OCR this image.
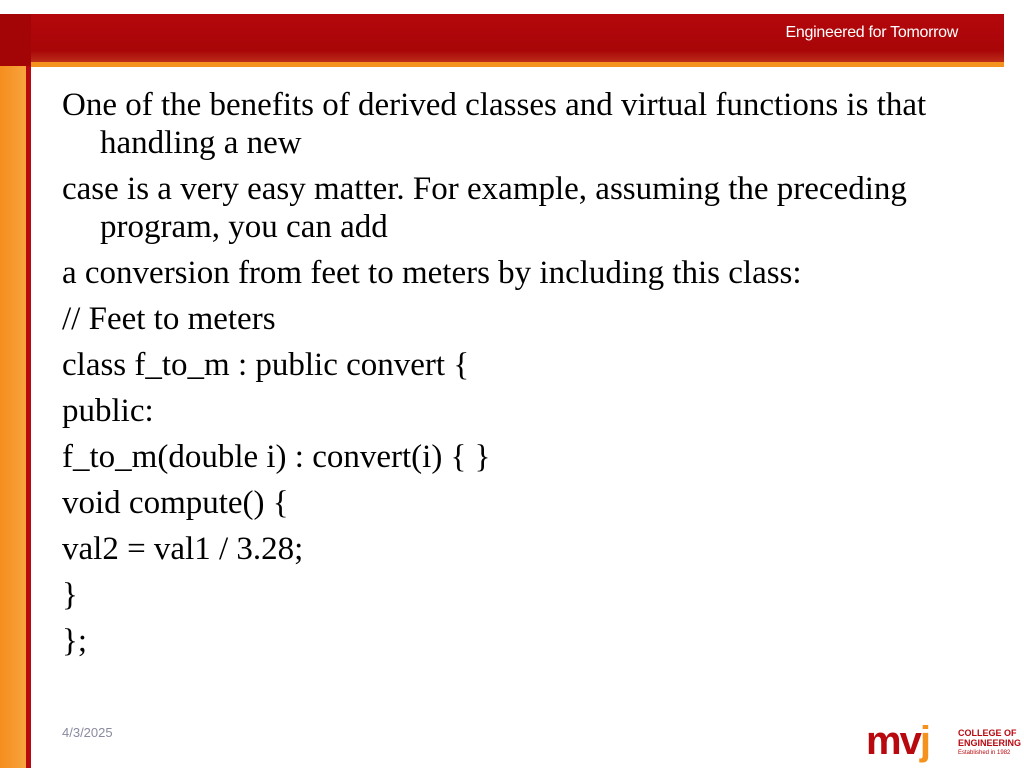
Engineered for Tomorrow

One of the benefits of derived classes and virtual functions is that handling a new

case is a very easy matter. For example, assuming the preceding program, you can add

a conversion from feet to meters by including this class:

// Feet to meters

class f_to_m : public convert {

public:

f_to_m(double i) : convert(i) { }

void compute() {

val2 = val1 / 3.28;

}

};

4/3/2025	mvj	COLLEGE OF
ENGINEERING
Established in 1982
